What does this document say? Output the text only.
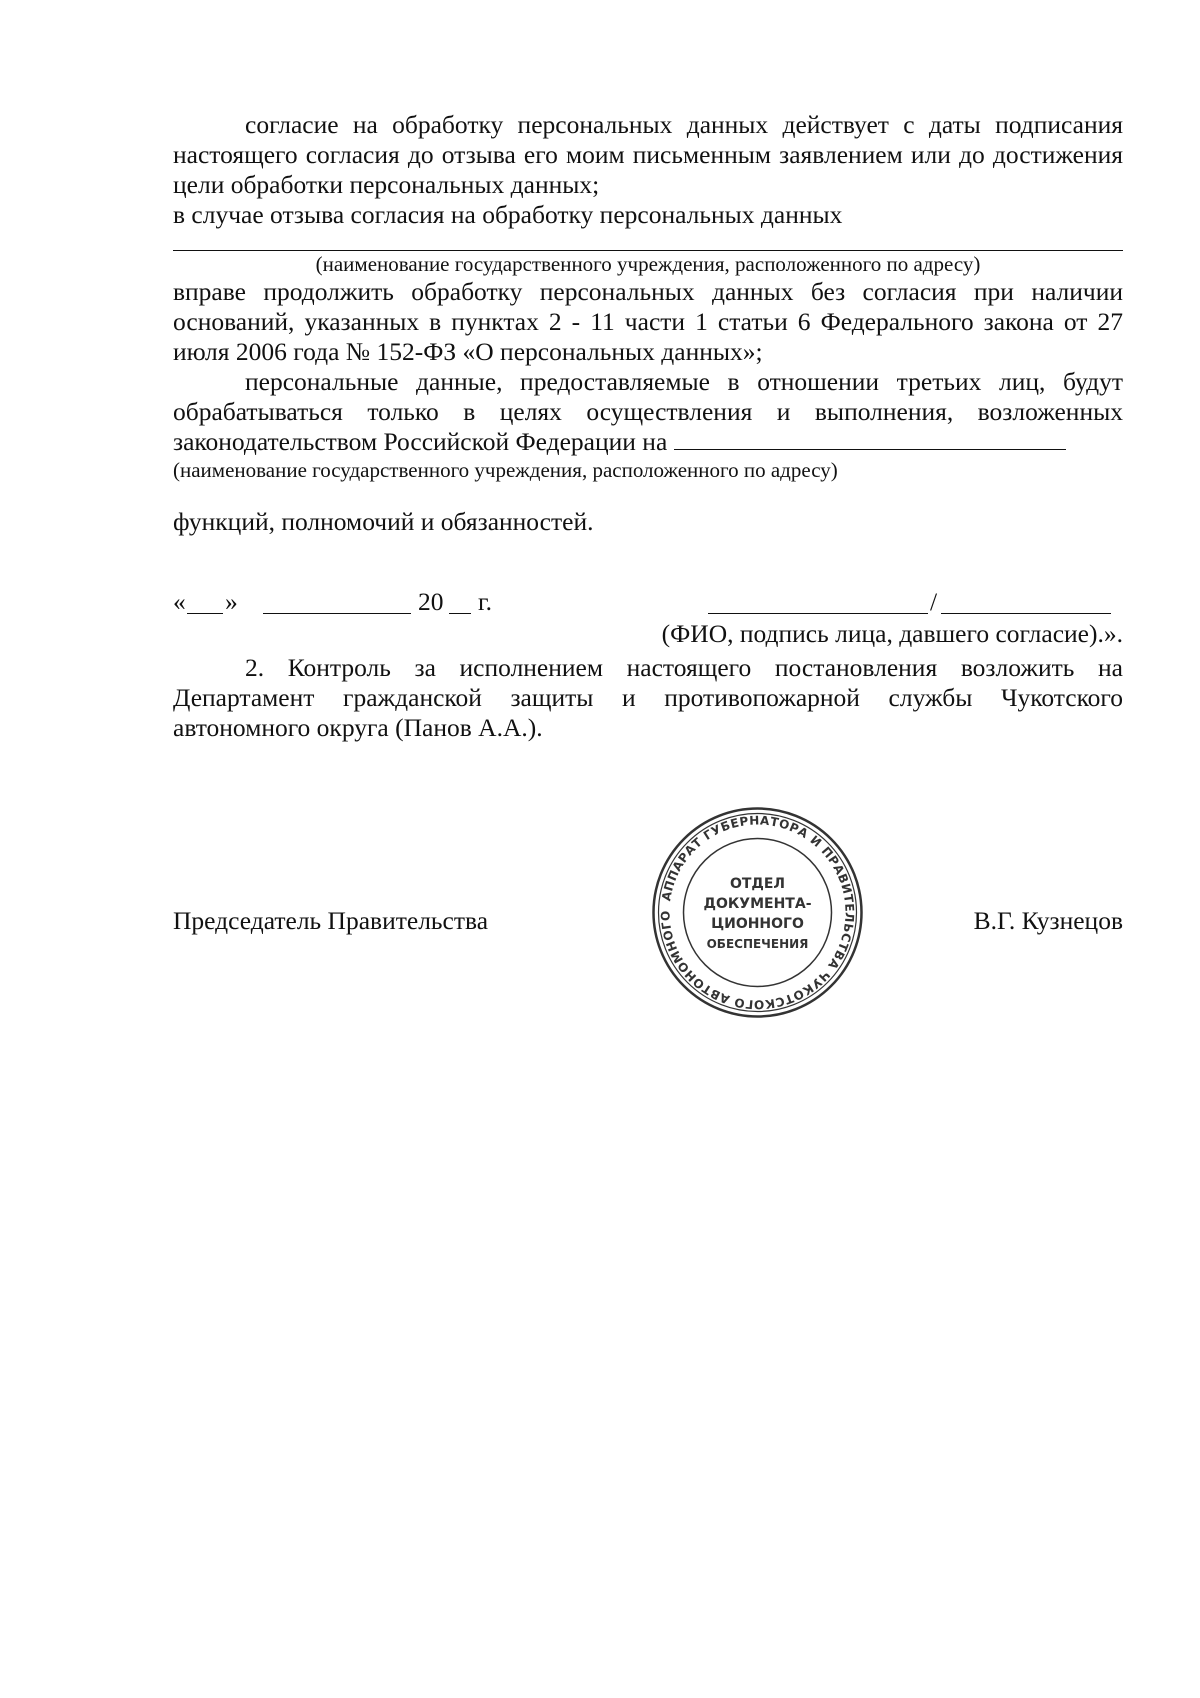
согласие на обработку персональных данных действует с даты подписания настоящего согласия до отзыва его моим письменным заявлением или до достижения цели обработки персональных данных;

в случае отзыва согласия на обработку персональных данных

(наименование государственного учреждения, расположенного по адресу)

вправе продолжить обработку персональных данных без согласия при наличии оснований, указанных в пунктах 2 - 11 части 1 статьи 6 Федерального закона от 27 июля 2006 года № 152-ФЗ «О персональных данных»;

персональные данные, предоставляемые в отношении третьих лиц, будут обрабатываться только в целях осуществления и выполнения, возложенных

законодательством Российской Федерации на

(наименование государственного учреждения, расположенного по адресу)

функций, полномочий и обязанностей.

« »	20 г.	/

(ФИО, подпись лица, давшего согласие).».

2. Контроль за исполнением настоящего постановления возложить на Департамент гражданской защиты и противопожарной службы Чукотского автономного округа (Панов А.А.).

Председатель Правительства	В.Г. Кузнецов
АППАРАТ ГУБЕРНАТОРА И ПРАВИТЕЛЬСТВА ЧУКОТСКОГО АВТОНОМНОГО
ОТДЕЛ
ДОКУМЕНТА-
ЦИОННОГО
ОБЕСПЕЧЕНИЯ
